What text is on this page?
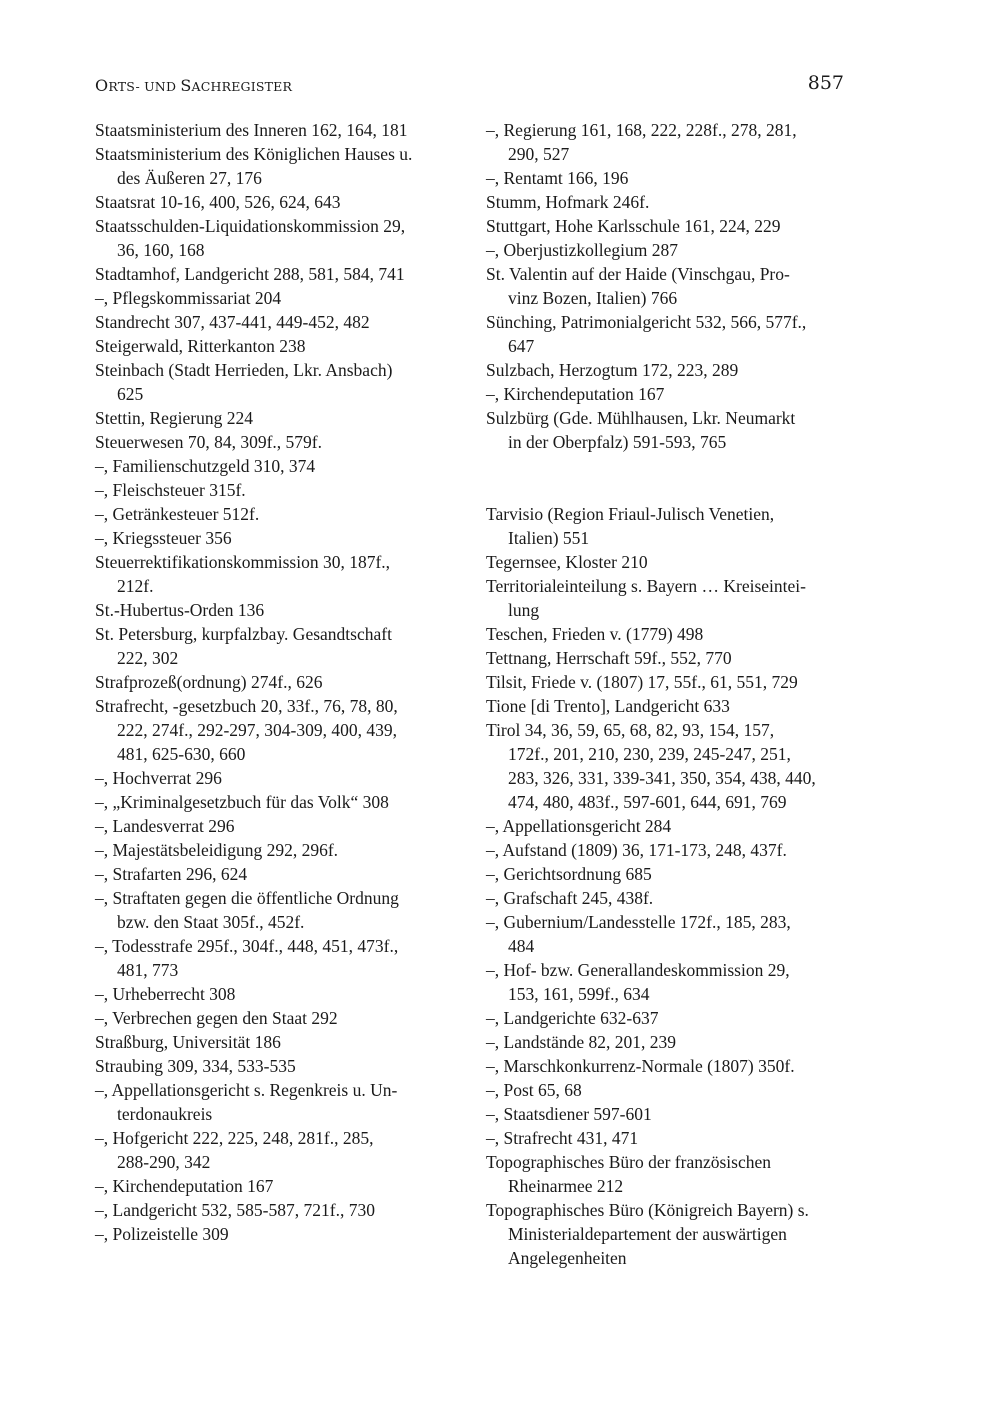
ORTS- UND SACHREGISTER	857
Staatsministerium des Inneren 162, 164, 181
Staatsministerium des Königlichen Hauses u.
des Äußeren 27, 176
Staatsrat 10-16, 400, 526, 624, 643
Staatsschulden-Liquidationskommission 29,
36, 160, 168
Stadtamhof, Landgericht 288, 581, 584, 741
–, Pflegskommissariat 204
Standrecht 307, 437-441, 449-452, 482
Steigerwald, Ritterkanton 238
Steinbach (Stadt Herrieden, Lkr. Ansbach)
625
Stettin, Regierung 224
Steuerwesen 70, 84, 309f., 579f.
–, Familienschutzgeld 310, 374
–, Fleischsteuer 315f.
–, Getränkesteuer 512f.
–, Kriegssteuer 356
Steuerrektifikationskommission 30, 187f.,
212f.
St.-Hubertus-Orden 136
St. Petersburg, kurpfalzbay. Gesandtschaft
222, 302
Strafprozeß(ordnung) 274f., 626
Strafrecht, -gesetzbuch 20, 33f., 76, 78, 80,
222, 274f., 292-297, 304-309, 400, 439,
481, 625-630, 660
–, Hochverrat 296
–, „Kriminalgesetzbuch für das Volk“ 308
–, Landesverrat 296
–, Majestätsbeleidigung 292, 296f.
–, Strafarten 296, 624
–, Straftaten gegen die öffentliche Ordnung
bzw. den Staat 305f., 452f.
–, Todesstrafe 295f., 304f., 448, 451, 473f.,
481, 773
–, Urheberrecht 308
–, Verbrechen gegen den Staat 292
Straßburg, Universität 186
Straubing 309, 334, 533-535
–, Appellationsgericht s. Regenkreis u. Un-
terdonaukreis
–, Hofgericht 222, 225, 248, 281f., 285,
288-290, 342
–, Kirchendeputation 167
–, Landgericht 532, 585-587, 721f., 730
–, Polizeistelle 309
–, Regierung 161, 168, 222, 228f., 278, 281,
290, 527
–, Rentamt 166, 196
Stumm, Hofmark 246f.
Stuttgart, Hohe Karlsschule 161, 224, 229
–, Oberjustizkollegium 287
St. Valentin auf der Haide (Vinschgau, Pro-
vinz Bozen, Italien) 766
Sünching, Patrimonialgericht 532, 566, 577f.,
647
Sulzbach, Herzogtum 172, 223, 289
–, Kirchendeputation 167
Sulzbürg (Gde. Mühlhausen, Lkr. Neumarkt
in der Oberpfalz) 591-593, 765
Tarvisio (Region Friaul-Julisch Venetien,
Italien) 551
Tegernsee, Kloster 210
Territorialeinteilung s. Bayern … Kreiseintei-
lung
Teschen, Frieden v. (1779) 498
Tettnang, Herrschaft 59f., 552, 770
Tilsit, Friede v. (1807) 17, 55f., 61, 551, 729
Tione [di Trento], Landgericht 633
Tirol 34, 36, 59, 65, 68, 82, 93, 154, 157,
172f., 201, 210, 230, 239, 245-247, 251,
283, 326, 331, 339-341, 350, 354, 438, 440,
474, 480, 483f., 597-601, 644, 691, 769
–, Appellationsgericht 284
–, Aufstand (1809) 36, 171-173, 248, 437f.
–, Gerichtsordnung 685
–, Grafschaft 245, 438f.
–, Gubernium/Landesstelle 172f., 185, 283,
484
–, Hof- bzw. Generallandeskommission 29,
153, 161, 599f., 634
–, Landgerichte 632-637
–, Landstände 82, 201, 239
–, Marschkonkurrenz-Normale (1807) 350f.
–, Post 65, 68
–, Staatsdiener 597-601
–, Strafrecht 431, 471
Topographisches Büro der französischen
Rheinarmee 212
Topographisches Büro (Königreich Bayern) s.
Ministerialdepartement der auswärtigen
Angelegenheiten
